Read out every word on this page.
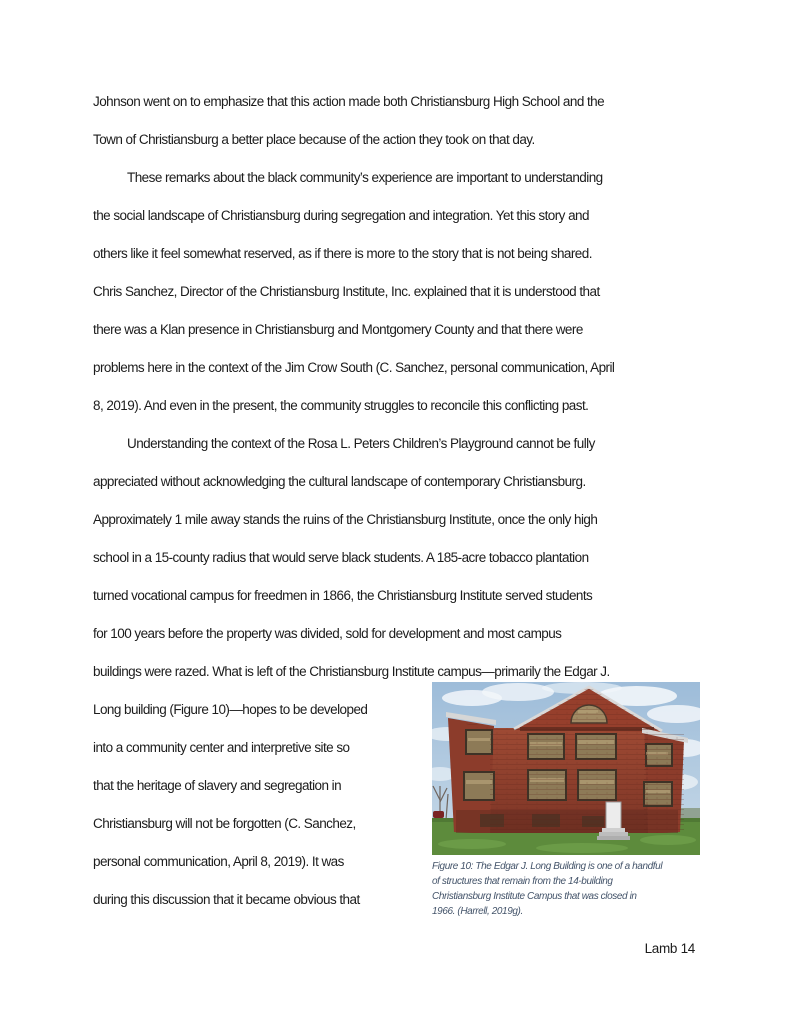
Johnson went on to emphasize that this action made both Christiansburg High School and the
Town of Christiansburg a better place because of the action they took on that day.
These remarks about the black community’s experience are important to understanding
the social landscape of Christiansburg during segregation and integration. Yet this story and
others like it feel somewhat reserved, as if there is more to the story that is not being shared.
Chris Sanchez, Director of the Christiansburg Institute, Inc. explained that it is understood that
there was a Klan presence in Christiansburg and Montgomery County and that there were
problems here in the context of the Jim Crow South (C. Sanchez, personal communication, April
8, 2019). And even in the present, the community struggles to reconcile this conflicting past.
Understanding the context of the Rosa L. Peters Children’s Playground cannot be fully
appreciated without acknowledging the cultural landscape of contemporary Christiansburg.
Approximately 1 mile away stands the ruins of the Christiansburg Institute, once the only high
school in a 15-county radius that would serve black students. A 185-acre tobacco plantation
turned vocational campus for freedmen in 1866, the Christiansburg Institute served students
for 100 years before the property was divided, sold for development and most campus
buildings were razed. What is left of the Christiansburg Institute campus—primarily the Edgar J.
Long building (Figure 10)—hopes to be developed
into a community center and interpretive site so
that the heritage of slavery and segregation in
Christiansburg will not be forgotten (C. Sanchez,
personal communication, April 8, 2019). It was
during this discussion that it became obvious that
Figure 10: The Edgar J. Long Building is one of a handful
of structures that remain from the 14-building
Christiansburg Institute Campus that was closed in
1966. (Harrell, 2019g).
Lamb 14
